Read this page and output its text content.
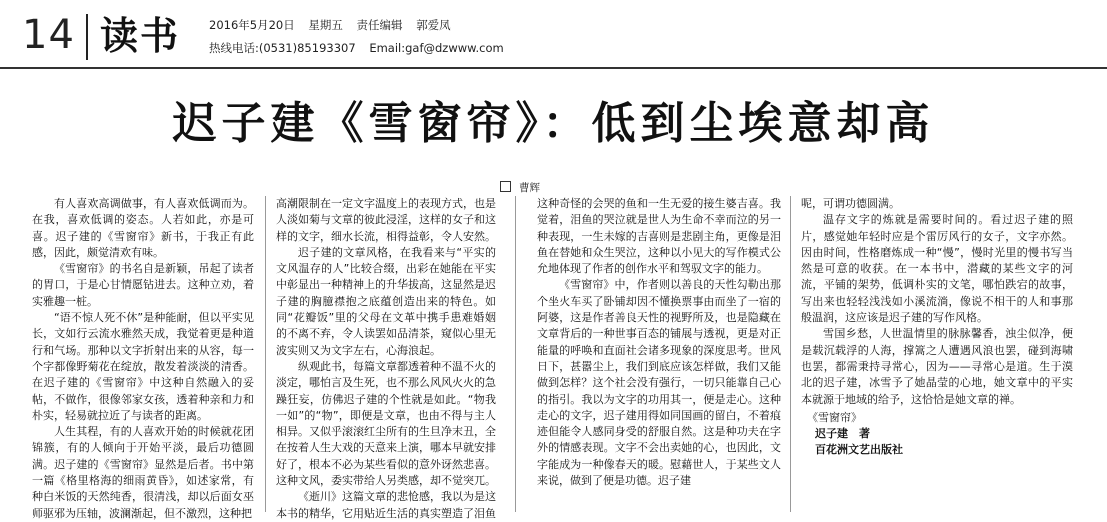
14 读书	2016年5月20日 星期五 责任编辑 郭爱凤
热线电话:(0531)85193307 Email:gaf@dzwww.com
迟子建《雪窗帘》：低到尘埃意却高
曹辉

有人喜欢高调做事，有人喜欢低调而为。在我，喜欢低调的姿态。人若如此，亦是可喜。迟子建的《雪窗帘》新书，于我正有此感，因此，颇觉清欢有味。

《雪窗帘》的书名自是新颖，吊起了读者的胃口，于是心甘情愿钻进去。这种立劝，着实雅趣一桩。

“语不惊人死不休”是种能耐，但以平实见长，文如行云流水雅然天成，我觉着更是种道行和气场。那种以文字折射出来的从容，每一个字都像野菊花在绽放，散发着淡淡的清香。在迟子建的《雪窗帘》中这种自然融入的妥帖，不做作，很像邻家女孩，透着种亲和力和朴实，轻易就拉近了与读者的距离。

人生其程，有的人喜欢开始的时候就花团锦簇，有的人倾向于开始平淡，最后功德圆满。迟子建的《雪窗帘》显然是后者。书中第一篇《格里格海的细雨黄昏》，如述家常，有种白米饭的天然纯香，很清浅，却以后面女巫师驱邪为压轴，波澜渐起，但不激烈，这种把

高潮限制在一定文字温度上的表现方式，也是人淡如菊与文章的彼此浸淫，这样的女子和这样的文字，细水长流，相得益彰，令人安然。

迟子建的文章风格，在我看来与“平实的文风温存的人”比较合缀，出彩在她能在平实中彰显出一种精神上的升华拔高，这显然是迟子建的胸臆襟抱之底蕴创造出来的特色。如同“花瓣饭”里的父母在文革中携手患难婚姻的不离不弃，令人读罢如品清茶，窥似心里无波实则又为文字左右，心海浪起。

纵观此书，每篇文章都透着种不温不火的淡定，哪怕言及生死，也不那么风风火火的急躁狂妄，仿佛迟子建的个性就是如此。“物我一如”的“物”，即便是文章，也由不得与主人相异。又似乎滚滚红尘所有的生旦净末丑，全在按着人生大戏的天意来上演，哪本早就安排好了，根本不必为某些看似的意外讶然悲喜。这种文风，委实带给人另类感，却不觉突兀。

《逝川》这篇文章的悲怆感，我以为是这本书的精华，它用贴近生活的真实塑造了泪鱼

这种奇怪的会哭的鱼和一生无爱的接生婆吉喜。我觉着，泪鱼的哭泣就是世人为生命不幸而泣的另一种表现，一生未嫁的吉喜则是悲剧主角，更像是泪鱼在替她和众生哭泣，这种以小见大的写作模式公允地体现了作者的创作水平和驾驭文字的能力。

《雪窗帘》中，作者则以善良的天性勾勒出那个坐火车买了卧铺却因不懂换票事由而坐了一宿的阿婆，这是作者善良天性的视野所及，也是隐藏在文章背后的一种世事百态的铺展与透视，更是对正能量的呼唤和直面社会诸多现象的深度思考。世风日下，甚嚣尘上，我们到底应该怎样做，我们又能做到怎样？这个社会没有强行，一切只能靠自己心的指引。我以为文字的功用其一，便是走心。这种走心的文字，迟子建用得如同国画的留白，不着痕迹但能令人感同身受的舒服自然。这是种功夫在字外的情感表现。文字不会出卖她的心，也因此，文字能成为一种像春天的暖。慰藉世人，于某些文人来说，做到了便是功德。迟子建

呢，可谓功德圆满。

温存文字的炼就是需要时间的。看过迟子建的照片，感觉她年轻时应是个雷厉风行的女子，文字亦然。因由时间，性格磨炼成一种“慢”，慢时光里的慢书写当然是可意的收获。在一本书中，潜藏的某些文字的河流，平铺的架势，低调朴实的文笔，哪怕跌宕的故事，写出来也轻轻浅浅如小溪流淌，像说不相干的人和事那般温润，这应该是迟子建的写作风格。

雪国乡愁，人世温情里的脉脉馨香，浊尘似净，便是载沉载浮的人海，撑篙之人遭遇风浪也罢，碰到海啸也罢，都需秉持寻常心，因为——寻常心是道。生于漠北的迟子建，冰雪予了她晶莹的心地，她文章中的平实本就源于地域的给予，这恰恰是她文章的禅。

《雪窗帘》
迟子建　著
百花洲文艺出版社
